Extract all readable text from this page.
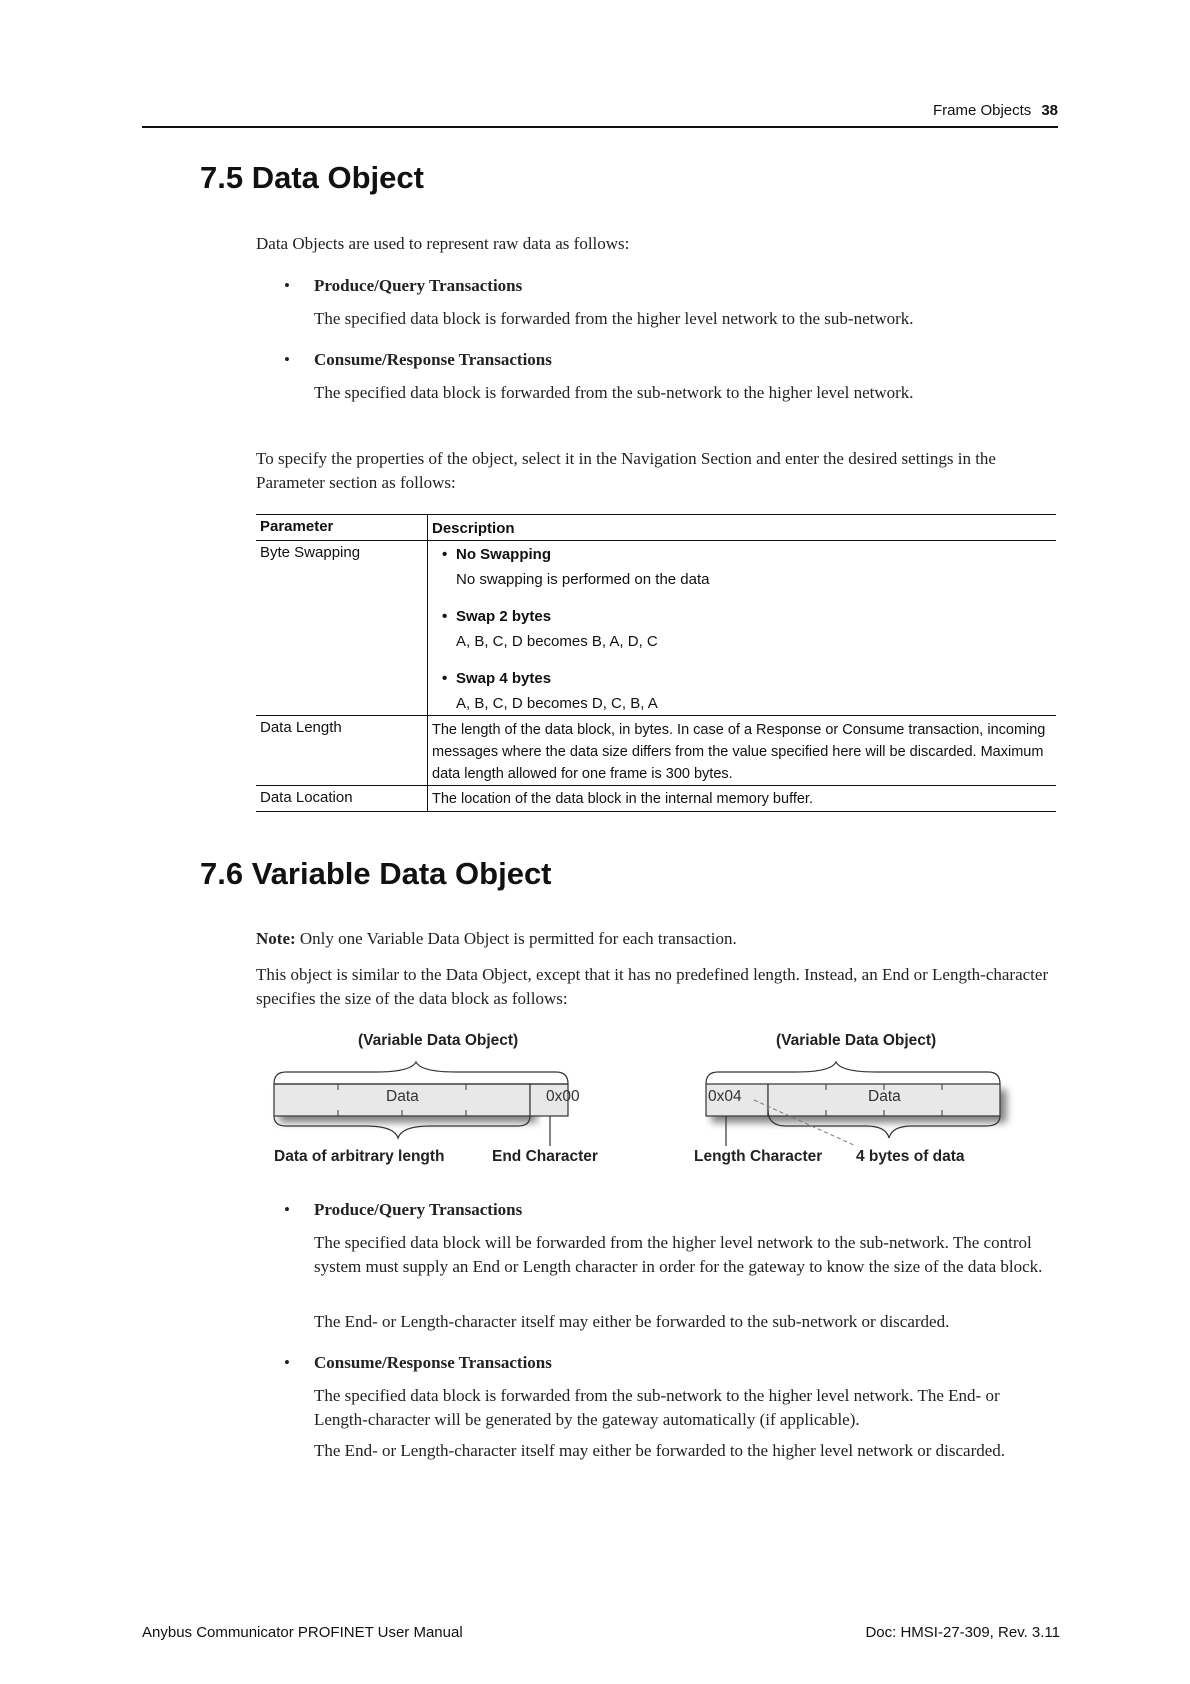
Frame Objects 38
7.5 Data Object
Data Objects are used to represent raw data as follows:
• Produce/Query Transactions
The specified data block is forwarded from the higher level network to the sub-network.
• Consume/Response Transactions
The specified data block is forwarded from the sub-network to the higher level network.
To specify the properties of the object, select it in the Navigation Section and enter the desired settings in the Parameter section as follows:
Parameter	Description
Byte Swapping	• No Swapping
No swapping is performed on the data
• Swap 2 bytes
A, B, C, D becomes B, A, D, C
• Swap 4 bytes
A, B, C, D becomes D, C, B, A
Data Length	The length of the data block, in bytes. In case of a Response or Consume transaction, incoming messages where the data size differs from the value specified here will be discarded. Maximum data length allowed for one frame is 300 bytes.
Data Location	The location of the data block in the internal memory buffer.
7.6 Variable Data Object
Note: Only one Variable Data Object is permitted for each transaction.
This object is similar to the Data Object, except that it has no predefined length. Instead, an End or Length-character specifies the size of the data block as follows:
(Variable Data Object)
Data	0x00
Data of arbitrary length	End Character
(Variable Data Object)
0x04	Data
Length Character 4 bytes of data
• Produce/Query Transactions
The specified data block will be forwarded from the higher level network to the sub-network. The control system must supply an End or Length character in order for the gateway to know the size of the data block.
The End- or Length-character itself may either be forwarded to the sub-network or discarded.
• Consume/Response Transactions
The specified data block is forwarded from the sub-network to the higher level network. The End- or Length-character will be generated by the gateway automatically (if applicable).
The End- or Length-character itself may either be forwarded to the higher level network or discarded.
Anybus Communicator PROFINET User Manual	Doc: HMSI-27-309, Rev. 3.11
